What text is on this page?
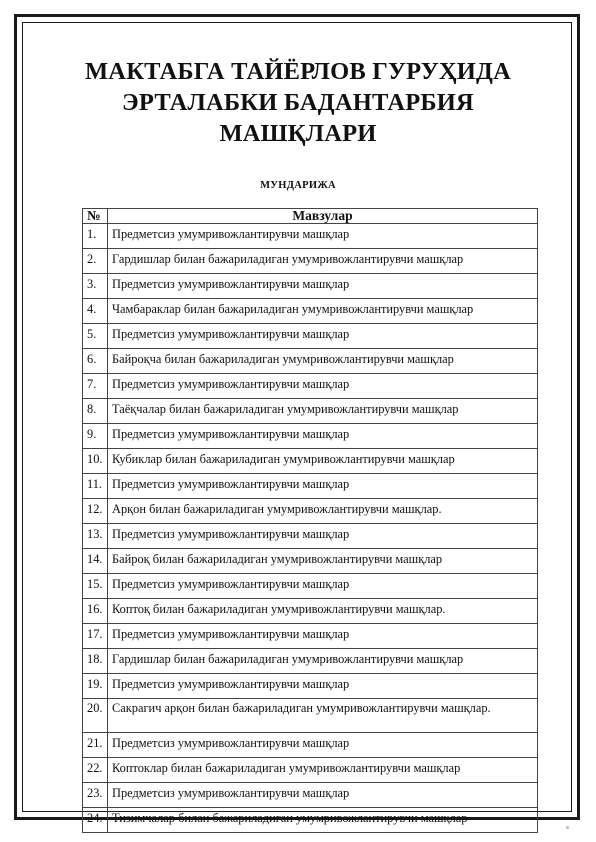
МАКТАБГА ТАЙЁРЛОВ ГУРУҲИДА
ЭРТАЛАБКИ БАДАНТАРБИЯ
МАШҚЛАРИ
МУНДАРИЖА
№	Мавзулар
1.	Предметсиз умумривожлантирувчи машқлар
2.	Гардишлар билан бажариладиган умумривожлантирувчи машқлар
3.	Предметсиз умумривожлантирувчи машқлар
4.	Чамбараклар билан бажариладиган умумривожлантирувчи машқлар
5.	Предметсиз умумривожлантирувчи машқлар
6.	Байроқча билан бажариладиган умумривожлантирувчи машқлар
7.	Предметсиз умумривожлантирувчи машқлар
8.	Таёқчалар билан бажариладиган умумривожлантирувчи машқлар
9.	Предметсиз умумривожлантирувчи машқлар
10.	Кубиклар билан бажариладиган умумривожлантирувчи машқлар
11.	Предметсиз умумривожлантирувчи машқлар
12.	Арқон билан бажариладиган умумривожлантирувчи машқлар.
13.	Предметсиз умумривожлантирувчи машқлар
14.	Байроқ билан бажариладиган умумривожлантирувчи машқлар
15.	Предметсиз умумривожлантирувчи машқлар
16.	Коптоқ билан бажариладиган умумривожлантирувчи машқлар.
17.	Предметсиз умумривожлантирувчи машқлар
18.	Гардишлар билан бажариладиган умумривожлантирувчи машқлар
19.	Предметсиз умумривожлантирувчи машқлар
20.	Сакрагич арқон билан бажариладиган умумривожлантирувчи машқлар.
21.	Предметсиз умумривожлантирувчи машқлар
22.	Коптоклар билан бажариладиган умумривожлантирувчи машқлар
23.	Предметсиз умумривожлантирувчи машқлар
24.	Тизимчалар билан бажариладиган умумривожлантирувчи машқлар
